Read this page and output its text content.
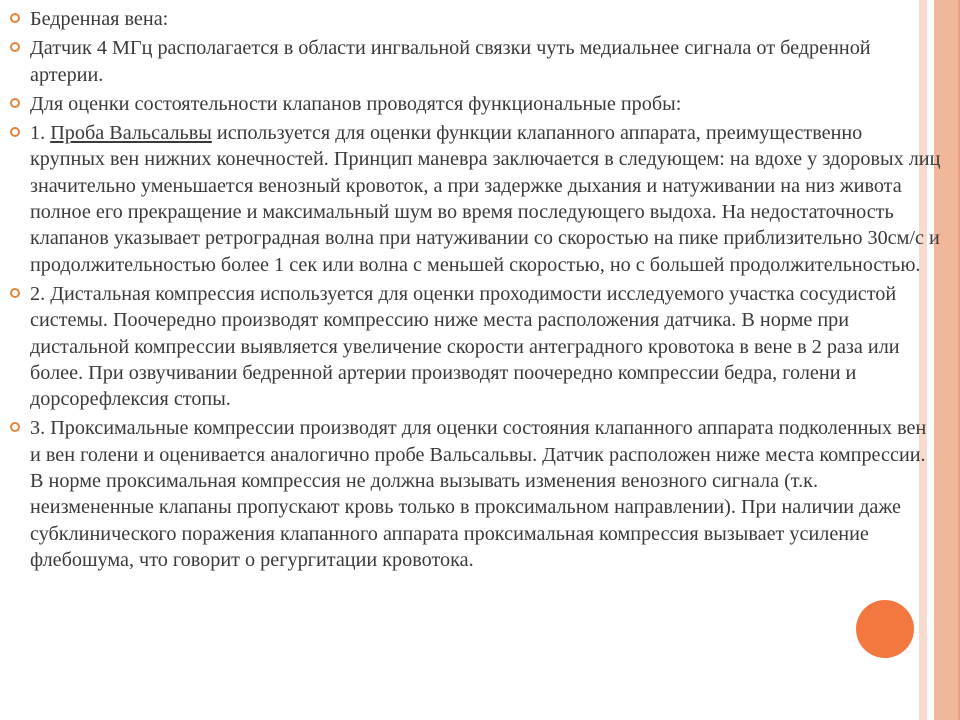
Бедренная вена:
Датчик 4 МГц располагается в области ингвальной связки чуть медиальнее сигнала от бедренной артерии.
Для оценки состоятельности клапанов проводятся функциональные пробы:
1. Проба Вальсальвы используется для оценки функции клапанного аппарата, преимущественно крупных вен нижних конечностей. Принцип маневра заключается в следующем: на вдохе у здоровых лиц значительно уменьшается венозный кровоток, а при задержке дыхания и натуживании на низ живота полное его прекращение и максимальный шум во время последующего выдоха. На недостаточность клапанов указывает ретроградная волна при натуживании со скоростью на пике приблизительно 30см/с и продолжительностью более 1 сек или волна с меньшей скоростью, но с большей продолжительностью.
2. Дистальная компрессия используется для оценки проходимости исследуемого участка сосудистой системы. Поочередно производят компрессию ниже места расположения датчика. В норме при дистальной компрессии выявляется увеличение скорости антеградного кровотока в вене в 2 раза или более. При озвучивании бедренной артерии производят поочередно компрессии бедра, голени и дорсорефлексия стопы.
3. Проксимальные компрессии производят для оценки состояния клапанного аппарата подколенных вен и вен голени и оценивается аналогично пробе Вальсальвы. Датчик расположен ниже места компрессии. В норме проксимальная компрессия не должна вызывать изменения венозного сигнала (т.к. неизмененные клапаны пропускают кровь только в проксимальном направлении). При наличии даже субклинического поражения клапанного аппарата проксимальная компрессия вызывает усиление флебошума, что говорит о регургитации кровотока.
